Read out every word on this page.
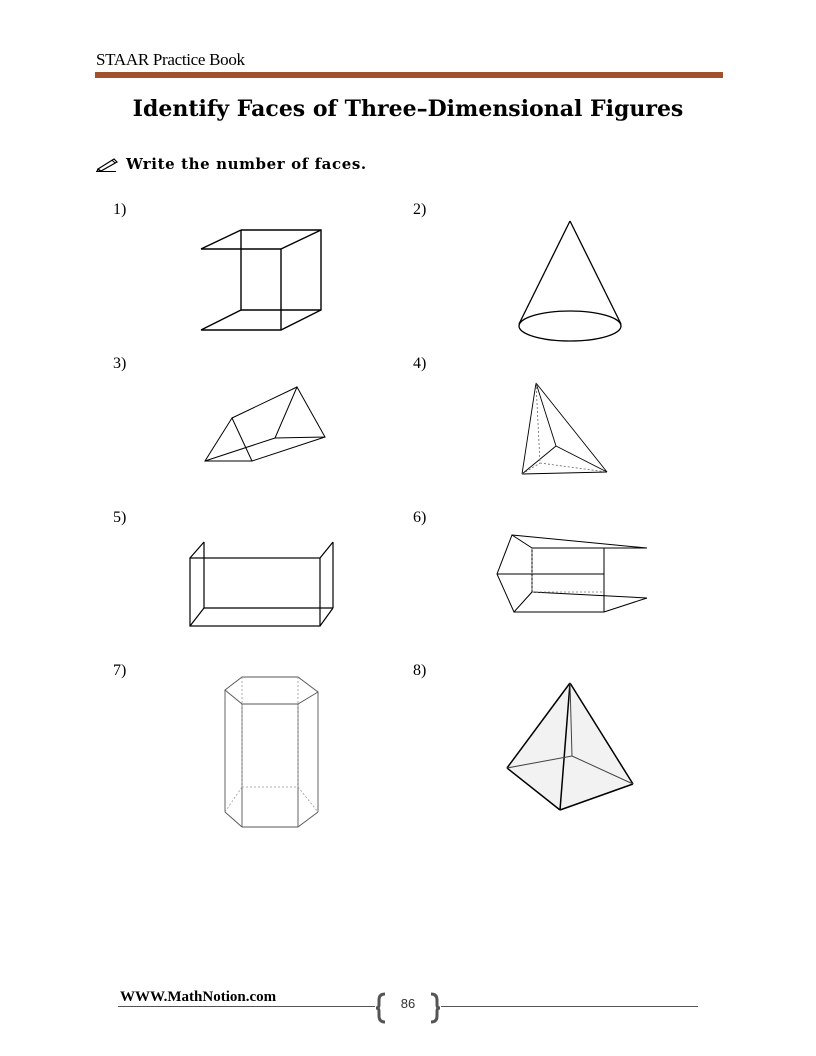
STAAR Practice Book
Identify Faces of Three–Dimensional Figures
Write the number of faces.
1)	2)
3)	4)
5)	6)
7)	8)
WWW.MathNotion.com	86
